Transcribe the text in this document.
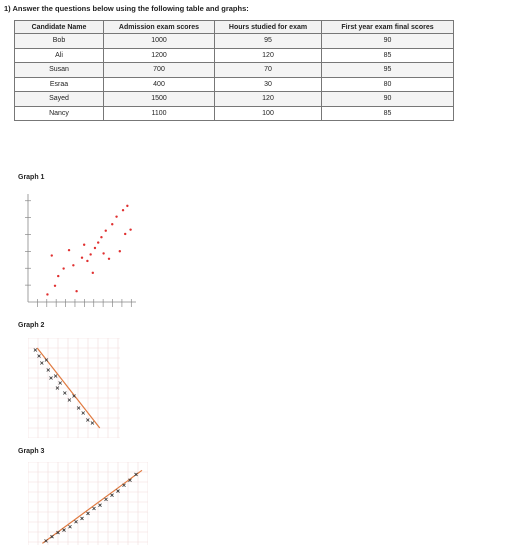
1) Answer the questions below using the following table and graphs:
Candidate Name	Admission exam scores	Hours studied for exam	First year exam final scores
Bob	1000	95	90
Ali	1200	120	85
Susan	700	70	95
Esraa	400	30	80
Sayed	1500	120	90
Nancy	1100	100	85
Graph 1
Graph 2
Graph 3
